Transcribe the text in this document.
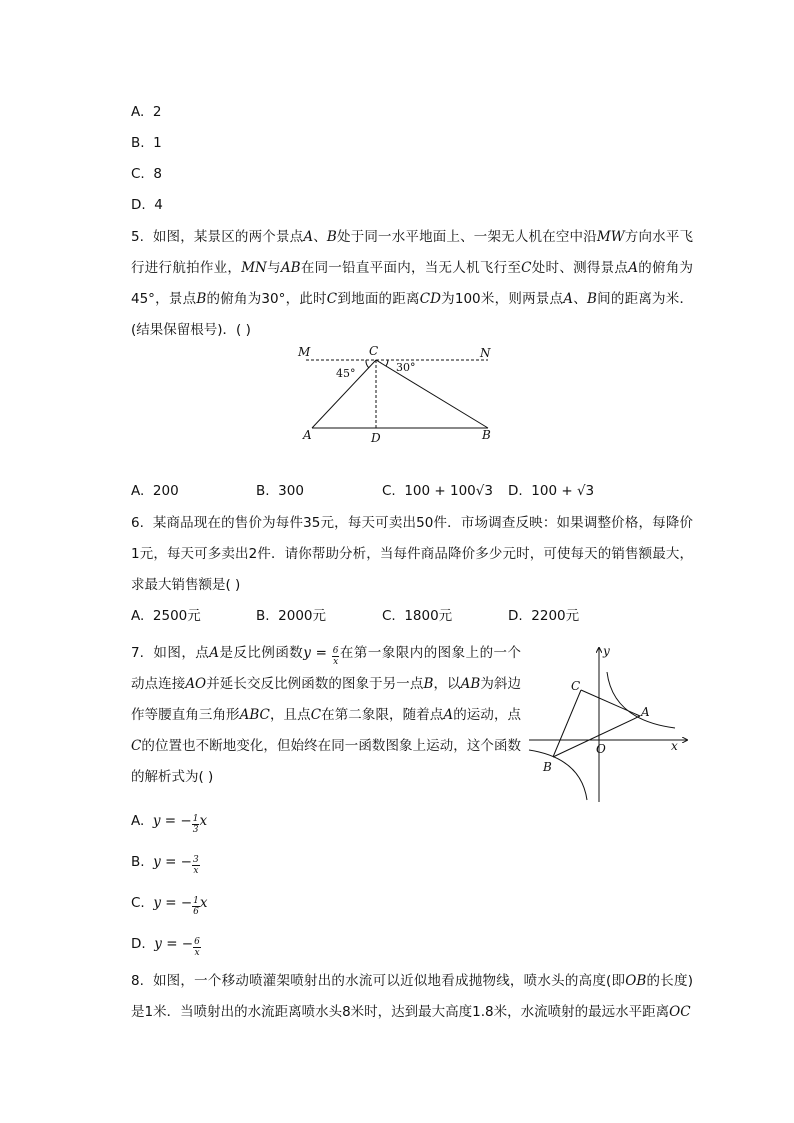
A. 2
B. 1
C. 8
D. 4
5. 如图，某景区的两个景点A、B处于同一水平地面上、一架无人机在空中沿MW方向水平飞行进行航拍作业，MN与AB在同一铅直平面内，当无人机飞行至C处时、测得景点A的俯角为45°，景点B的俯角为30°，此时C到地面的距离CD为100米，则两景点A、B间的距离为米．(结果保留根号)．( )
M	C	N
A	D	B
45°	30°
A. 200	B. 300	C. 100 + 100√3 D. 100 + √3
6. 某商品现在的售价为每件35元，每天可卖出50件．市场调查反映：如果调整价格，每降价1元，每天可多卖出2件．请你帮助分析，当每件商品降价多少元时，可使每天的销售额最大，求最大销售额是( )
A. 2500元	B. 2000元	C. 1800元	D. 2200元
7. 如图，点A是反比例函数$y = \frac{6}{x}$ 在第一象限内的图象上的一个动点连接AO并延长交反比例函数的图象于另一点B，以AB为斜边作等腰直角三角形ABC，且点C在第二象限，随着点A的运动，点C的位置也不断地变化，但始终在同一函数图象上运动，这个函数的解析式为( )
y
x
O
A
B
C
A. y = − $\frac{1}{3}$ x
B. y = − $\frac{3}{x}$
C. y = − $\frac{1}{6}$ x
D. y = − $\frac{6}{x}$
8. 如图，一个移动喷灌架喷射出的水流可以近似地看成抛物线，喷水头的高度(即OB的长度)是1米．当喷射出的水流距离喷水头8米时，达到最大高度1.8米，水流喷射的最远水平距离OC
